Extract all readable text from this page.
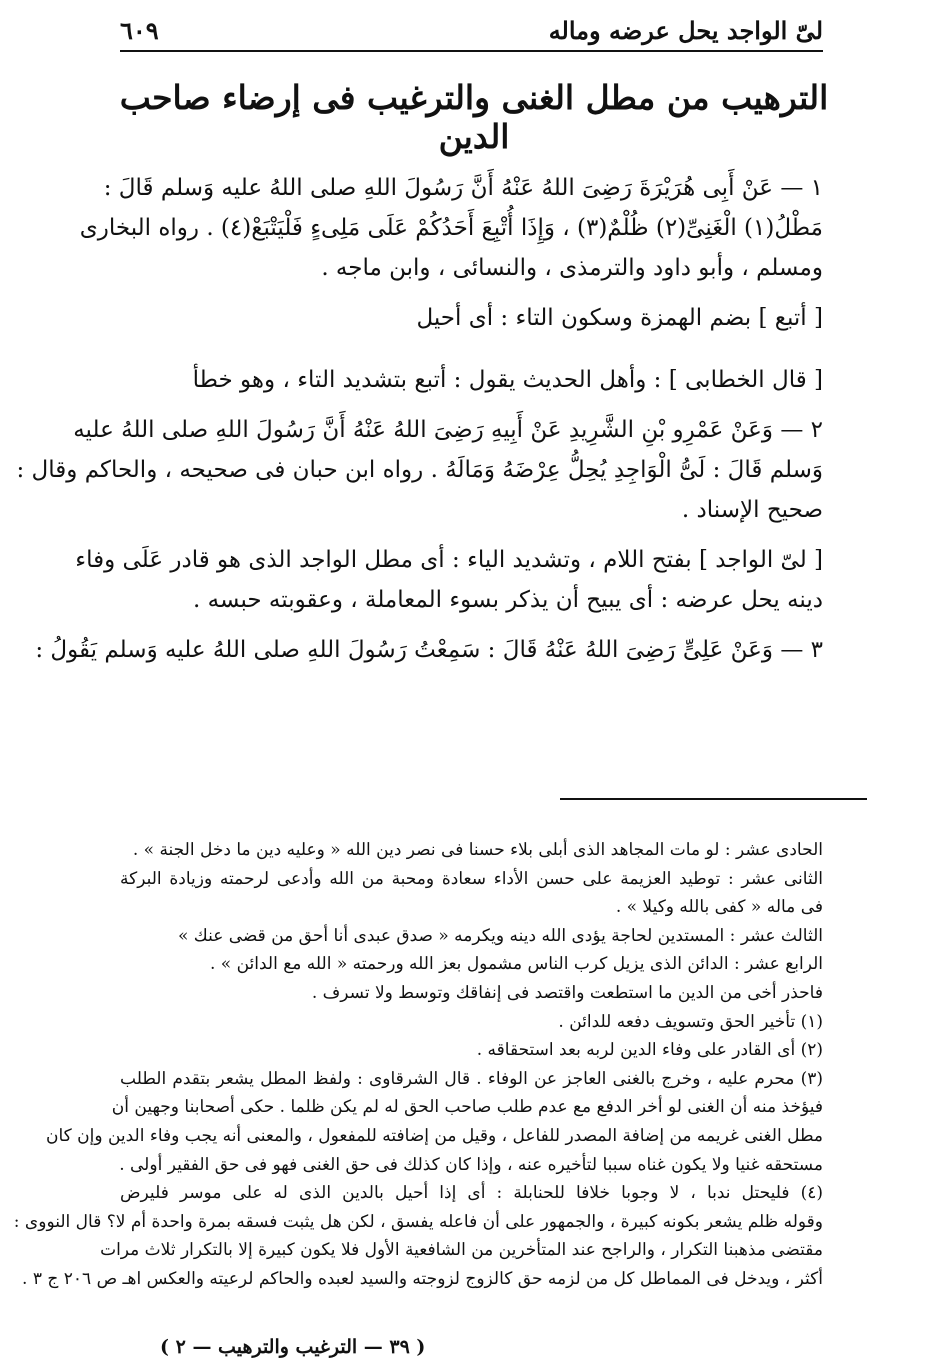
لىّ الواجد يحل عرضه وماله
٦٠٩
الترهيب من مطل الغنى والترغيب فى إرضاء صاحب الدين
١ — عَنْ أَبِى هُرَيْرَةَ رَضِىَ اللهُ عَنْهُ أَنَّ رَسُولَ اللهِ صلى اللهُ عليه وَسلم قَالَ :
مَطْلُ(١) الْغَنِىِّ(٢) ظُلْمٌ(٣) ، وَإِذَا أُتْبِعَ أَحَدُكُمْ عَلَى مَلِىءٍ فَلْيَتْبَعْ(٤) . رواه البخارى
ومسلم ، وأبو داود والترمذى ، والنسائى ، وابن ماجه .
[ أتبع ] بضم الهمزة وسكون التاء : أى أحيل
[ قال الخطابى ] : وأهل الحديث يقول : أتبع بتشديد التاء ، وهو خطأ
٢ — وَعَنْ عَمْرِو بْنِ الشَّرِيدِ عَنْ أَبِيهِ رَضِىَ اللهُ عَنْهُ أَنَّ رَسُولَ اللهِ صلى اللهُ عليه
وَسلم قَالَ : لَىُّ الْوَاجِدِ يُحِلُّ عِرْضَهُ وَمَالَهُ . رواه ابن حبان فى صحيحه ، والحاكم وقال :
صحيح الإسناد .
[ لىّ الواجد ] بفتح اللام ، وتشديد الياء : أى مطل الواجد الذى هو قادر عَلَى وفاء
دينه يحل عرضه : أى يبيح أن يذكر بسوء المعاملة ، وعقوبته حبسه .
٣ — وَعَنْ عَلِىٍّ رَضِىَ اللهُ عَنْهُ قَالَ : سَمِعْتُ رَسُولَ اللهِ صلى اللهُ عليه وَسلم يَقُولُ :
الحادى عشر : لو مات المجاهد الذى أبلى بلاء حسنا فى نصر دين الله « وعليه دين ما دخل الجنة » .
الثانى عشر : توطيد العزيمة على حسن الأداء سعادة ومحبة من الله وأدعى لرحمته وزيادة البركة
فى ماله « كفى بالله وكيلا » .
الثالث عشر : المستدين لحاجة يؤدى الله دينه ويكرمه « صدق عبدى أنا أحق من قضى عنك »
الرابع عشر : الدائن الذى يزيل كرب الناس مشمول بعز الله ورحمته « الله مع الدائن » .
فاحذر أخى من الدين ما استطعت واقتصد فى إنفاقك وتوسط ولا تسرف .
(١) تأخير الحق وتسويف دفعه للدائن .
(٢) أى القادر على وفاء الدين لربه بعد استحقاقه .
(٣) محرم عليه ، وخرج بالغنى العاجز عن الوفاء . قال الشرقاوى : ولفظ المطل يشعر بتقدم الطلب
فيؤخذ منه أن الغنى لو أخر الدفع مع عدم طلب صاحب الحق له لم يكن ظلما . حكى أصحابنا وجهين أن
مطل الغنى غريمه من إضافة المصدر للفاعل ، وقيل من إضافته للمفعول ، والمعنى أنه يجب وفاء الدين وإن كان
مستحقه غنيا ولا يكون غناه سببا لتأخيره عنه ، وإذا كان كذلك فى حق الغنى فهو فى حق الفقير أولى .
(٤) فليحتل ندبا ، لا وجوبا خلافا للحنابلة : أى إذا أحيل بالدين الذى له على موسر فليرض
وقوله ظلم يشعر بكونه كبيرة ، والجمهور على أن فاعله يفسق ، لكن هل يثبت فسقه بمرة واحدة أم لا؟ قال النووى :
مقتضى مذهبنا التكرار ، والراجح عند المتأخرين من الشافعية الأول فلا يكون كبيرة إلا بالتكرار ثلاث مرات
أكثر ، ويدخل فى المماطل كل من لزمه حق كالزوج لزوجته والسيد لعبده والحاكم لرعيته والعكس اهـ ص ٢٠٦ ج ٣ .
( ٣٩ — الترغيب والترهيب — ٢ )
